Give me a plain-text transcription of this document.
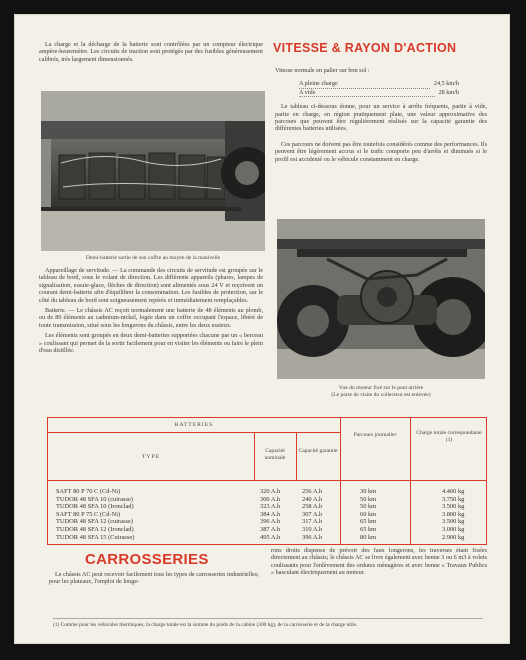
La charge et la décharge de la batterie sont contrôlées par un compteur électrique ampère-heuremètre. Les circuits de traction sont protégés par des fusibles généreusement calibrés, très largement dimensionnés.

Demi-batterie sortie de son coffre au moyen de la manivelle

Appareillage de servitude. — La commande des circuits de servitude est groupée sur le tableau de bord, sous le volant de direction. Les différents appareils (phares, lampes de signalisation, essuie-glace, flèches de direction) sont alimentés sous 24 V et reçoivent un courant demi-batterie afin d'équilibrer la consommation. Les fusibles de protection, sur le côté du tableau de bord sont soigneusement repérés et immédiatement remplaçables.

Batterie. — Le châssis AC reçoit normalement une batterie de 48 éléments au plomb, ou de 80 éléments au cadmium-nickel, logée dans un coffre occupant l'espace, libéré de toute transmission, situé sous les longerons du châssis, entre les deux essieux.

Les éléments sont groupés en deux demi-batteries supportées chacune par un « berceau » coulissant qui permet de la sortir facilement pour en visiter les éléments ou faire le plein d'eau distillée.

VITESSE & RAYON D'ACTION

Vitesse normale en palier sur bon sol :

A pleine charge	24,5 km/h
A vide	28 km/h

Le tableau ci-dessous donne, pour un service à arrêts fréquents, partie à vide, partie en charge, en région pratiquement plate, une valeur approximative des parcours que peuvent être régulièrement réalisés sur la capacité garantie des différentes batteries utilisées.

Ces parcours ne doivent pas être toutefois considérés comme des performances. Ils peuvent être légèrement accrus si le trafic comporte peu d'arrêts et diminués si le profil est accidenté ou le véhicule constamment en charge.

Vue du moteur fixé sur le pont arrière
(Le porte de visite du collecteur est enlevée)
BATTERIES
TYPE
Capacité nominale
Capacité garantie
Parcours journalier	Charge totale correspondante (1)
SAFT 80 P 70 C (Cd-Ni)	320 A.h	256 A.h	30 km	4.400 kg
TUDOR 48 SFA 10 (cuirasse)	300 A.h	240 A.h	50 km	3.750 kg
TUDOR 48 SFA 10 (Ironclad)	323 A.h	258 A.h	50 km	3.500 kg
SAFT 80 P 75 C (Cd-Ni)	384 A.h	307 A.h	60 km	3.800 kg
TUDOR 48 SFA 12 (cuirasse)	396 A.h	317 A.h	65 km	3.500 kg
TUDOR 48 SFA 12 (Ironclad)	387 A.h	310 A.h	65 km	3.000 kg
TUDOR 48 SFA 15 (Cuirasse)	495 A.h	396 A.h	80 km	2.900 kg
CARROSSERIES

Le châssis AC peut recevoir facilement tous les types de carrosseries industrielles; pour les plateaux, l'emploi de longe-

rons droits dispense de prévoir des faux longerons, les traverses étant fixées directement au châssis; le châssis AC se livre également avec benne 3 ou 6 m3 à volets coulissants pour l'enlèvement des ordures ménagères et avec benne « Travaux Publics » basculant électriquement au moteur.

(1) Comme pour les véhicules thermiques, la charge totale est la somme du poids de la cabine (300 kg), de la carrosserie et de la charge utile.
